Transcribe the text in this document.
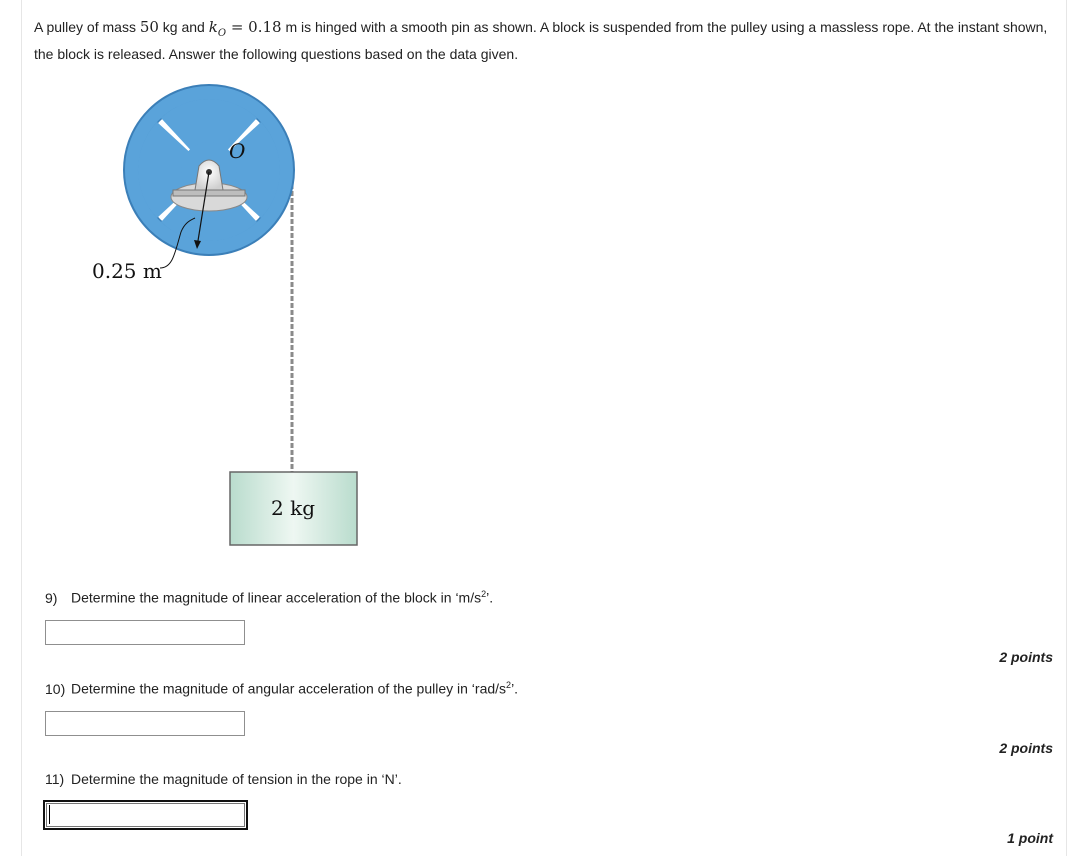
A pulley of mass 50 kg and $k_O = 0.18$ m is hinged with a smooth pin as shown. A block is suspended from the pulley using a massless rope. At the instant shown, the block is released. Answer the following questions based on the data given.
O
0.25 m
2 kg
9) Determine the magnitude of linear acceleration of the block in ‘$m/s^2$’.
2 points
10) Determine the magnitude of angular acceleration of the pulley in ‘$rad/s^2$’.
2 points
11) Determine the magnitude of tension in the rope in ‘N’.
1 point
